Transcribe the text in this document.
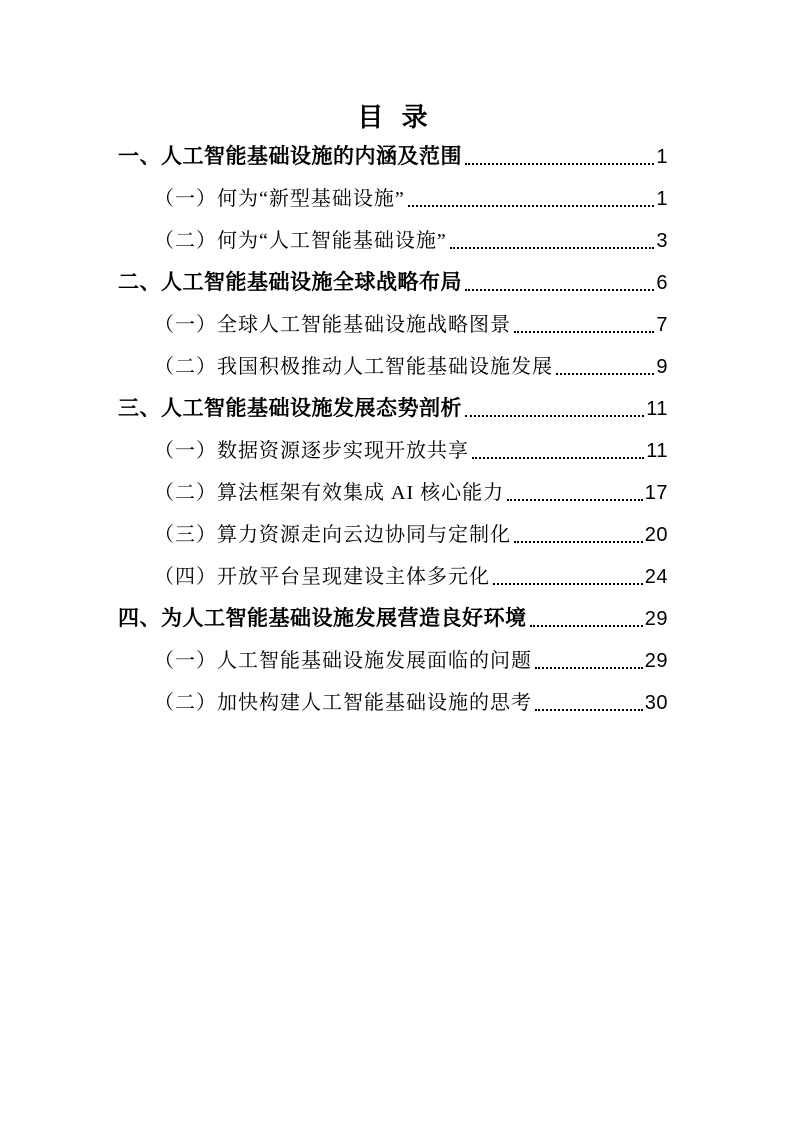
目 录
一、人工智能基础设施的内涵及范围	1
（一）何为“新型基础设施”	1
（二）何为“人工智能基础设施”	3
二、人工智能基础设施全球战略布局	6
（一）全球人工智能基础设施战略图景	7
（二）我国积极推动人工智能基础设施发展	9
三、人工智能基础设施发展态势剖析	11
（一）数据资源逐步实现开放共享	11
（二）算法框架有效集成 AI 核心能力	17
（三）算力资源走向云边协同与定制化	20
（四）开放平台呈现建设主体多元化	24
四、为人工智能基础设施发展营造良好环境	29
（一）人工智能基础设施发展面临的问题	29
（二）加快构建人工智能基础设施的思考	30
